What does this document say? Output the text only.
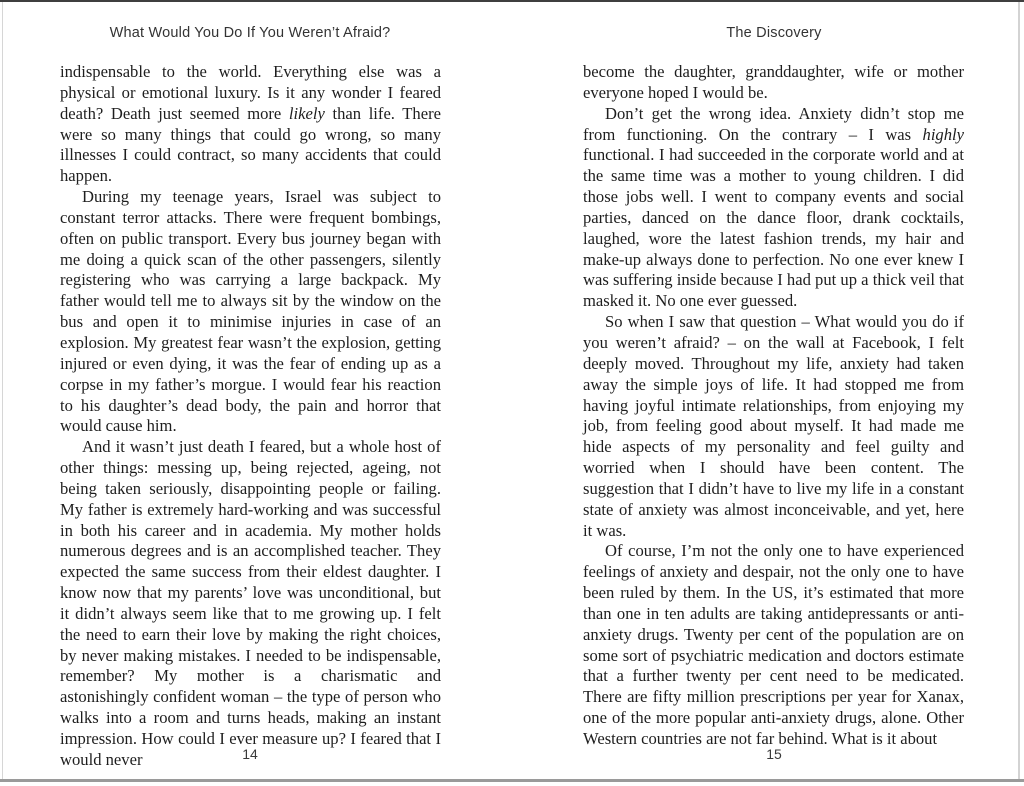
What Would You Do If You Weren’t Afraid?

indispensable to the world. Everything else was a physical or emotional luxury. Is it any wonder I feared death? Death just seemed more likely than life. There were so many things that could go wrong, so many illnesses I could contract, so many accidents that could happen.

During my teenage years, Israel was subject to constant terror attacks. There were frequent bombings, often on public transport. Every bus journey began with me doing a quick scan of the other passengers, silently registering who was carrying a large backpack. My father would tell me to always sit by the window on the bus and open it to minimise injuries in case of an explosion. My greatest fear wasn’t the explosion, getting injured or even dying, it was the fear of ending up as a corpse in my father’s morgue. I would fear his reaction to his daughter’s dead body, the pain and horror that would cause him.

And it wasn’t just death I feared, but a whole host of other things: messing up, being rejected, ageing, not being taken seriously, disappointing people or failing. My father is extremely hard-working and was successful in both his career and in academia. My mother holds numerous degrees and is an accomplished teacher. They expected the same success from their eldest daughter. I know now that my parents’ love was unconditional, but it didn’t always seem like that to me growing up. I felt the need to earn their love by making the right choices, by never making mistakes. I needed to be indispensable, remember? My mother is a charismatic and astonishingly confident woman – the type of person who walks into a room and turns heads, making an instant impression. How could I ever measure up? I feared that I would never	14
The Discovery

become the daughter, granddaughter, wife or mother everyone hoped I would be.

Don’t get the wrong idea. Anxiety didn’t stop me from functioning. On the contrary – I was highly functional. I had succeeded in the corporate world and at the same time was a mother to young children. I did those jobs well. I went to company events and social parties, danced on the dance floor, drank cocktails, laughed, wore the latest fashion trends, my hair and make-up always done to perfection. No one ever knew I was suffering inside because I had put up a thick veil that masked it. No one ever guessed.

So when I saw that question – What would you do if you weren’t afraid? – on the wall at Facebook, I felt deeply moved. Throughout my life, anxiety had taken away the simple joys of life. It had stopped me from having joyful intimate relationships, from enjoying my job, from feeling good about myself. It had made me hide aspects of my personality and feel guilty and worried when I should have been content. The suggestion that I didn’t have to live my life in a constant state of anxiety was almost inconceivable, and yet, here it was.

Of course, I’m not the only one to have experienced feelings of anxiety and despair, not the only one to have been ruled by them. In the US, it’s estimated that more than one in ten adults are taking antidepressants or anti-anxiety drugs. Twenty per cent of the population are on some sort of psychiatric medication and doctors estimate that a further twenty per cent need to be medicated. There are fifty million prescriptions per year for Xanax, one of the more popular anti-anxiety drugs, alone. Other Western countries are not far behind. What is it about

15
